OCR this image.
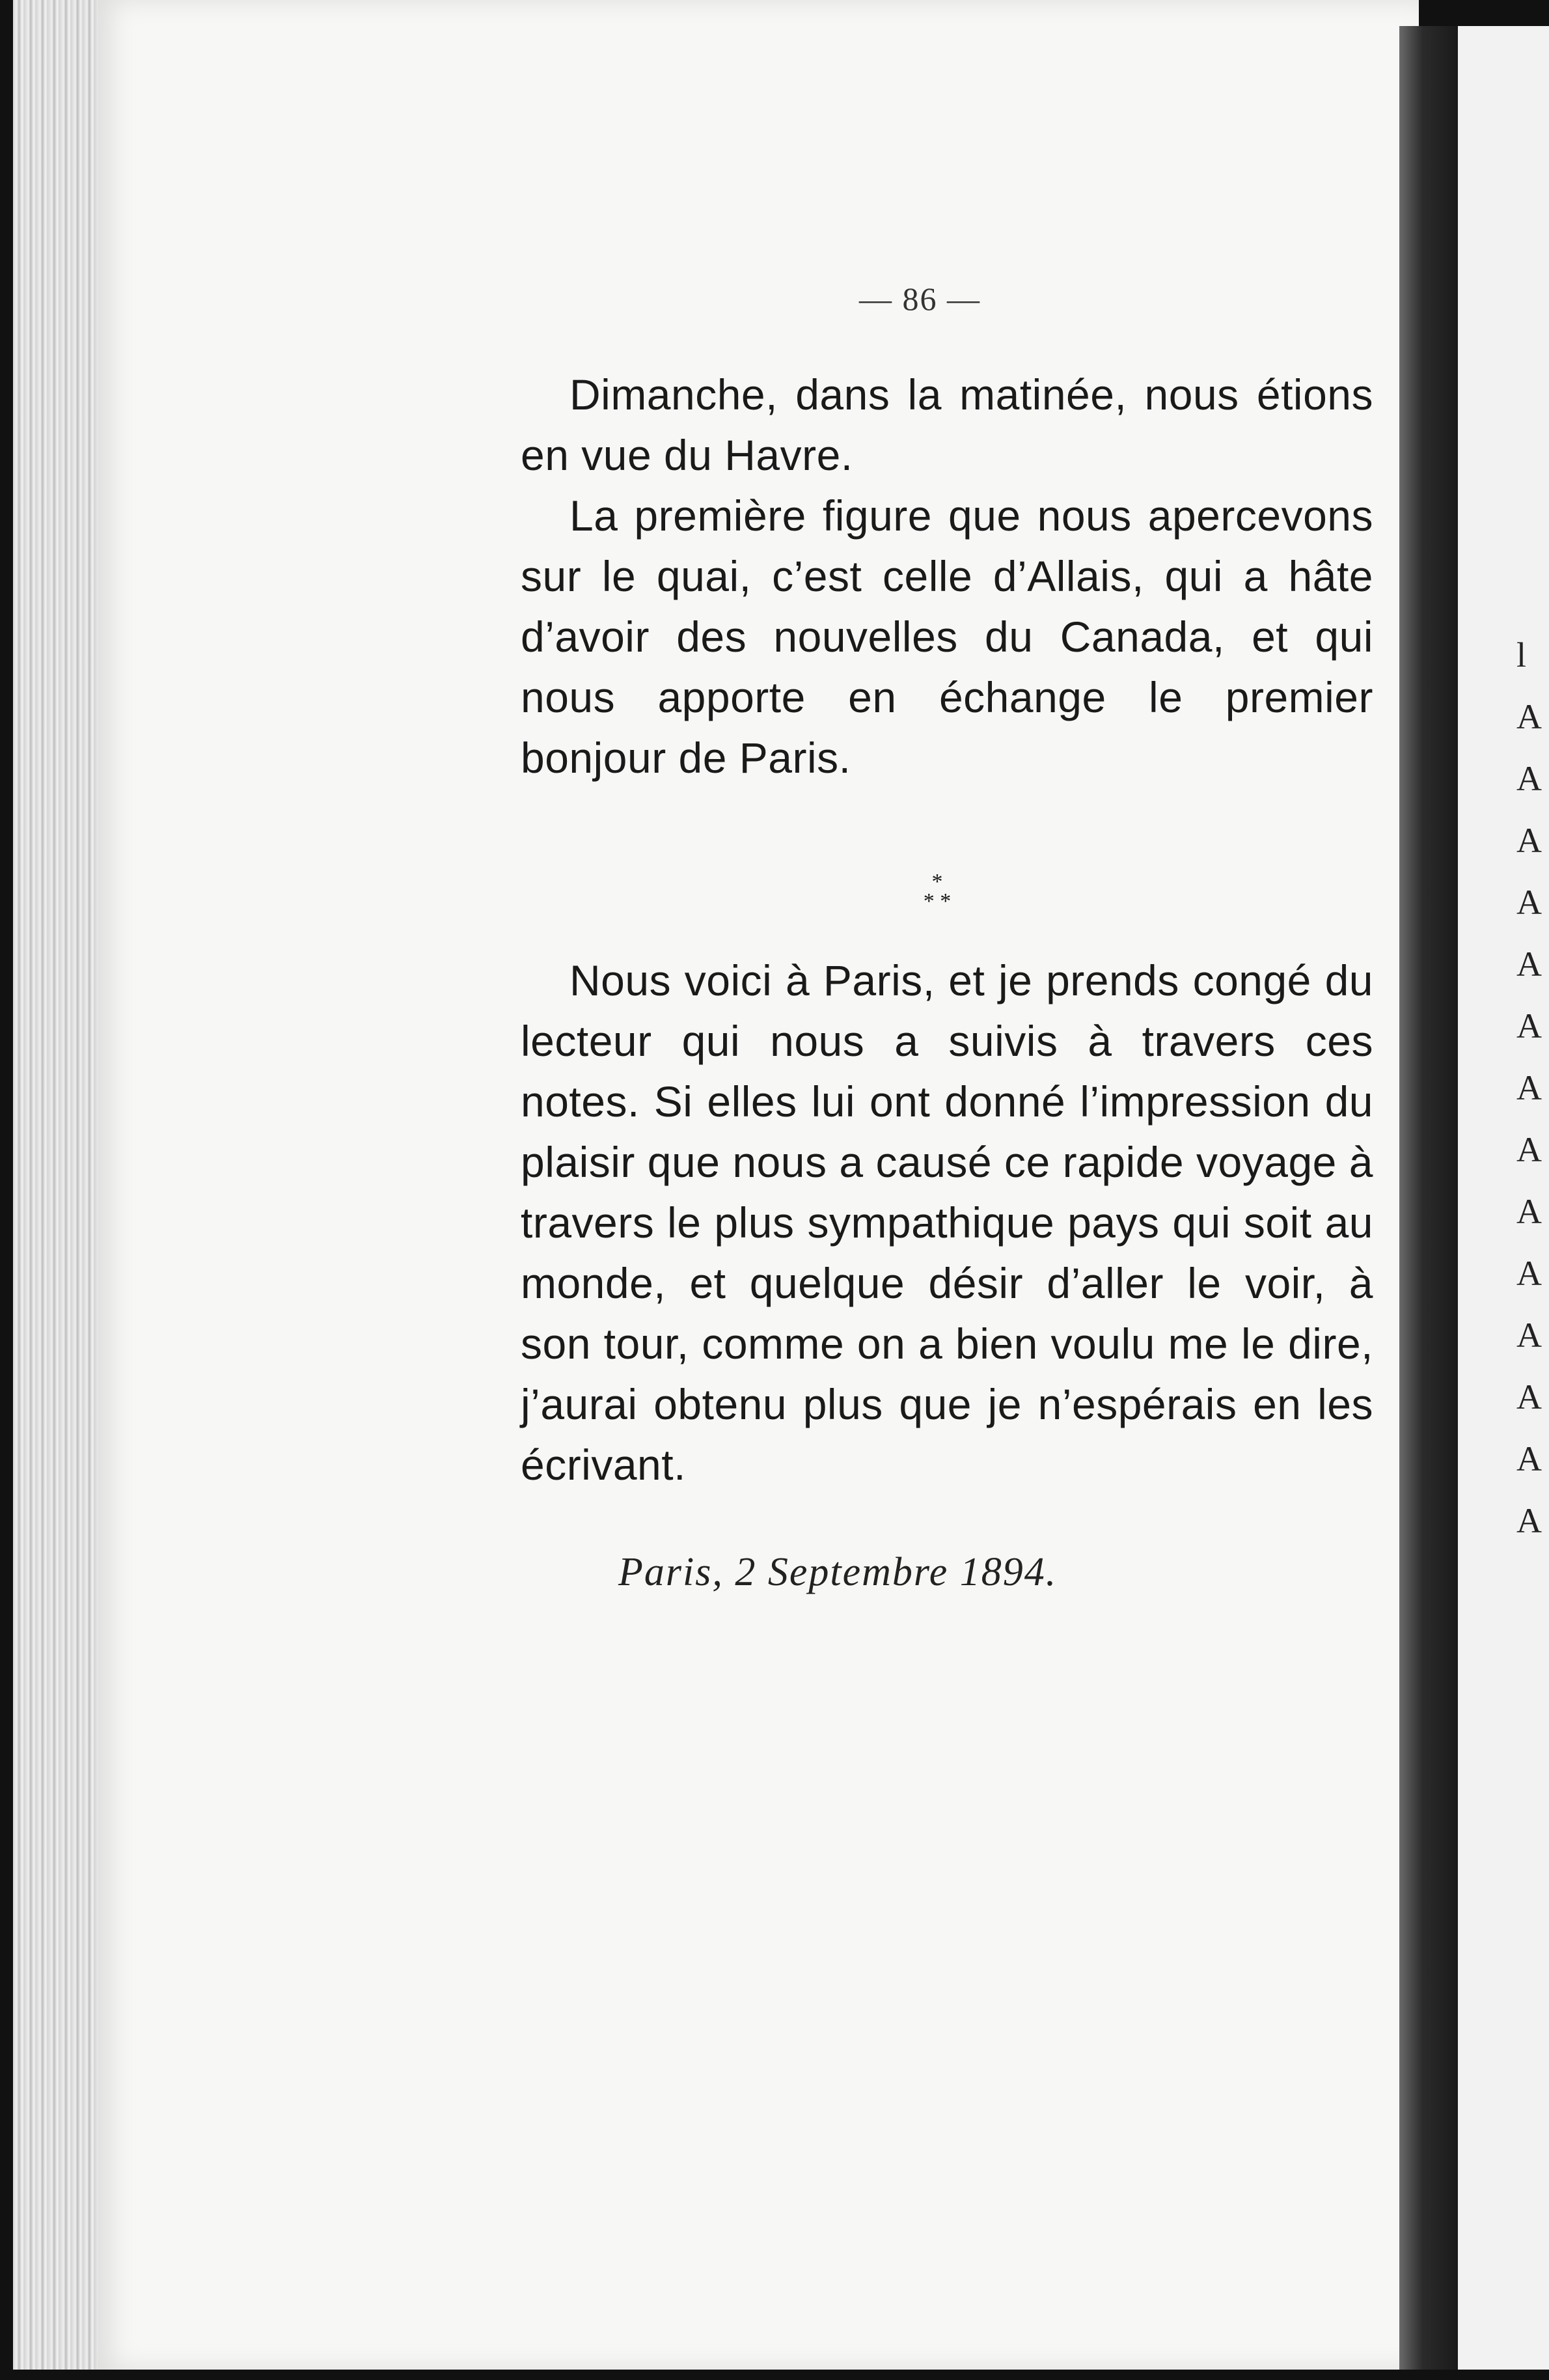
l
A
A
A
A
A
A
A
A
A
A
A
A
A
A
— 86 —

Dimanche, dans la matinée, nous étions en vue du Havre.

La première figure que nous apercevons sur le quai, c’est celle d’Allais, qui a hâte d’avoir des nouvelles du Canada, et qui nous apporte en échange le premier bonjour de Paris.

*
* *

Nous voici à Paris, et je prends congé du lecteur qui nous a suivis à travers ces notes. Si elles lui ont donné l’impression du plaisir que nous a causé ce rapide voyage à travers le plus sympathique pays qui soit au monde, et quelque désir d’aller le voir, à son tour, comme on a bien voulu me le dire, j’aurai obtenu plus que je n’espérais en les écrivant.

Paris, 2 Septembre 1894.
